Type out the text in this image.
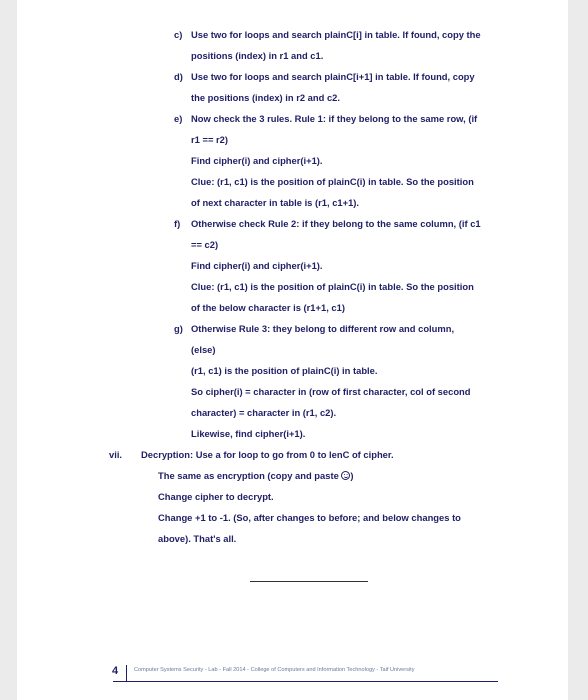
c) Use two for loops and search plainC[i] in table. If found, copy the
positions (index) in r1 and c1.
d) Use two for loops and search plainC[i+1] in table. If found, copy
the positions (index) in r2 and c2.
e) Now check the 3 rules. Rule 1: if they belong to the same row, (if
r1 == r2)
Find cipher(i) and cipher(i+1).
Clue: (r1, c1) is the position of plainC(i) in table. So the position
of next character in table is (r1, c1+1).
f) Otherwise check Rule 2: if they belong to the same column, (if c1
== c2)
Find cipher(i) and cipher(i+1).
Clue: (r1, c1) is the position of plainC(i) in table. So the position
of the below character is (r1+1, c1)
g) Otherwise Rule 3: they belong to different row and column,
(else)
(r1, c1) is the position of plainC(i) in table.
So cipher(i) = character in (row of first character, col of second
character) = character in (r1, c2).
Likewise, find cipher(i+1).
vii. Decryption: Use a for loop to go from 0 to lenC of cipher.
The same as encryption (copy and paste )
Change cipher to decrypt.
Change +1 to -1. (So, after changes to before; and below changes to
above). That's all.
4	Computer Systems Security - Lab - Fall 2014 - College of Computers and Information Technology - Taif University
